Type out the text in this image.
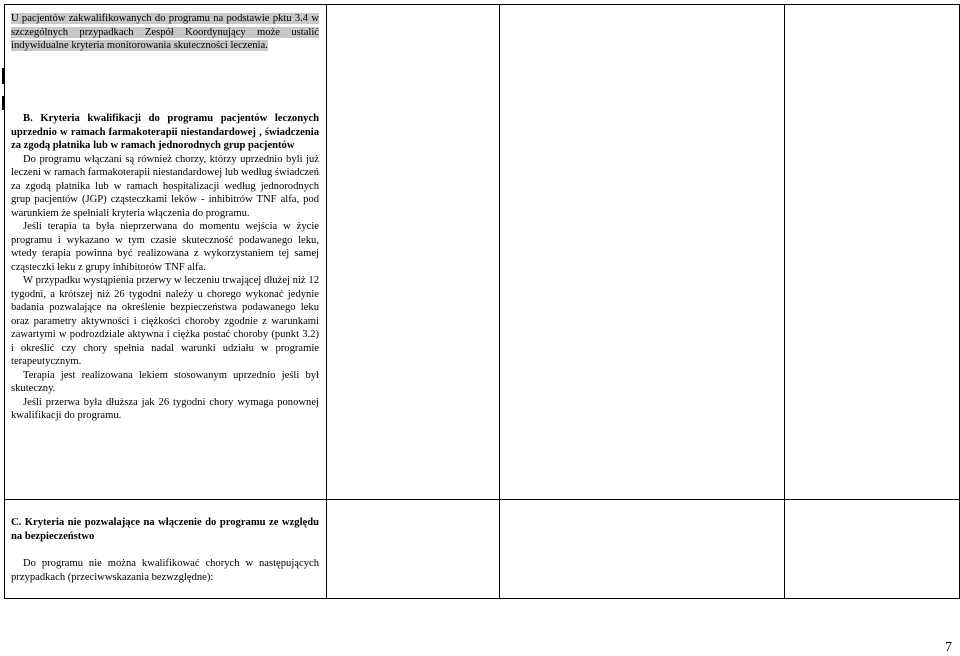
U pacjentów zakwalifikowanych do programu na podstawie pktu 3.4 w szczególnych przypadkach Zespół Koordynujący może ustalić indywidualne kryteria monitorowania skuteczności leczenia.

B. Kryteria kwalifikacji do programu pacjentów leczonych uprzednio w ramach farmakoterapii niestandardowej , świadczenia za zgodą płatnika lub w ramach jednorodnych grup pacjentów

Do programu włączani są również chorzy, którzy uprzednio byli już leczeni w ramach farmakoterapii niestandardowej lub według świadczeń za zgodą płatnika lub w ramach hospitalizacji według jednorodnych grup pacjentów (JGP) cząsteczkami leków - inhibitrów TNF alfa, pod warunkiem że spełniali kryteria włączenia do programu.

Jeśli terapia ta była nieprzerwana do momentu wejścia w życie programu i wykazano w tym czasie skuteczność podawanego leku, wtedy terapia powinna być realizowana z wykorzystaniem tej samej cząsteczki leku z grupy inhibitorów TNF alfa.

W przypadku wystąpienia przerwy w leczeniu trwającej dłużej niż 12 tygodni, a krótszej niż 26 tygodni należy u chorego wykonać jedynie badania pozwalające na określenie bezpieczeństwa podawanego leku oraz parametry aktywności i ciężkości choroby zgodnie z warunkami zawartymi w podrozdziale aktywna i ciężka postać choroby (punkt 3.2) i określić czy chory spełnia nadal warunki udziału w programie terapeutycznym.

Terapia jest realizowana lekiem stosowanym uprzednio jeśli był skuteczny.

Jeśli przerwa była dłuższa jak 26 tygodni chory wymaga ponownej kwalifikacji do programu.

C. Kryteria nie pozwalające na włączenie do programu ze względu na bezpieczeństwo

Do programu nie można kwalifikować chorych w następujących przypadkach (przeciwwskazania bezwzględne):

7
